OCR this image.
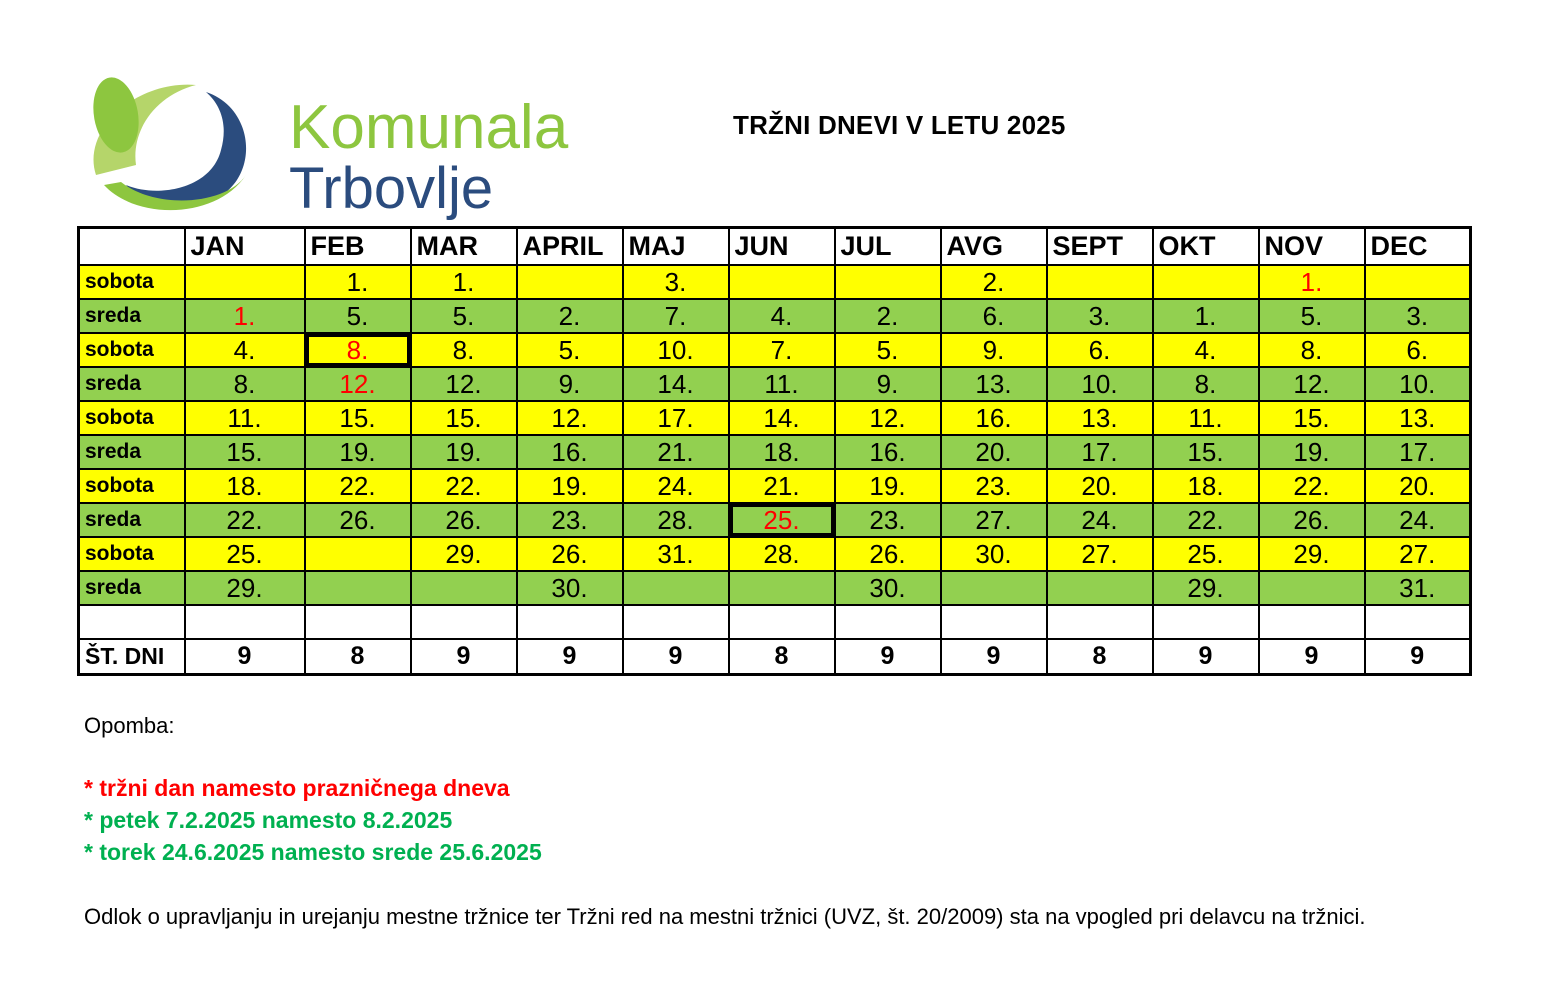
Komunala
Trbovlje
TRŽNI DNEVI V LETU 2025
	JAN	FEB	MAR	APRIL	MAJ	JUN	JUL	AVG	SEPT	OKT	NOV	DEC
sobota		1.	1.		3.			2.			1.	
sreda	1.	5.	5.	2.	7.	4.	2.	6.	3.	1.	5.	3.
sobota	4.	8.	8.	5.	10.	7.	5.	9.	6.	4.	8.	6.
sreda	8.	12.	12.	9.	14.	11.	9.	13.	10.	8.	12.	10.
sobota	11.	15.	15.	12.	17.	14.	12.	16.	13.	11.	15.	13.
sreda	15.	19.	19.	16.	21.	18.	16.	20.	17.	15.	19.	17.
sobota	18.	22.	22.	19.	24.	21.	19.	23.	20.	18.	22.	20.
sreda	22.	26.	26.	23.	28.	25.	23.	27.	24.	22.	26.	24.
sobota	25.		29.	26.	31.	28.	26.	30.	27.	25.	29.	27.
sreda	29.			30.			30.			29.		31.

ŠT. DNI	9	8	9	9	9	8	9	9	8	9	9	9
Opomba:
* tržni dan namesto prazničnega dneva
* petek 7.2.2025 namesto 8.2.2025
* torek 24.6.2025 namesto srede 25.6.2025
Odlok o upravljanju in urejanju mestne tržnice ter Tržni red na mestni tržnici (UVZ, št. 20/2009) sta na vpogled pri delavcu na tržnici.
